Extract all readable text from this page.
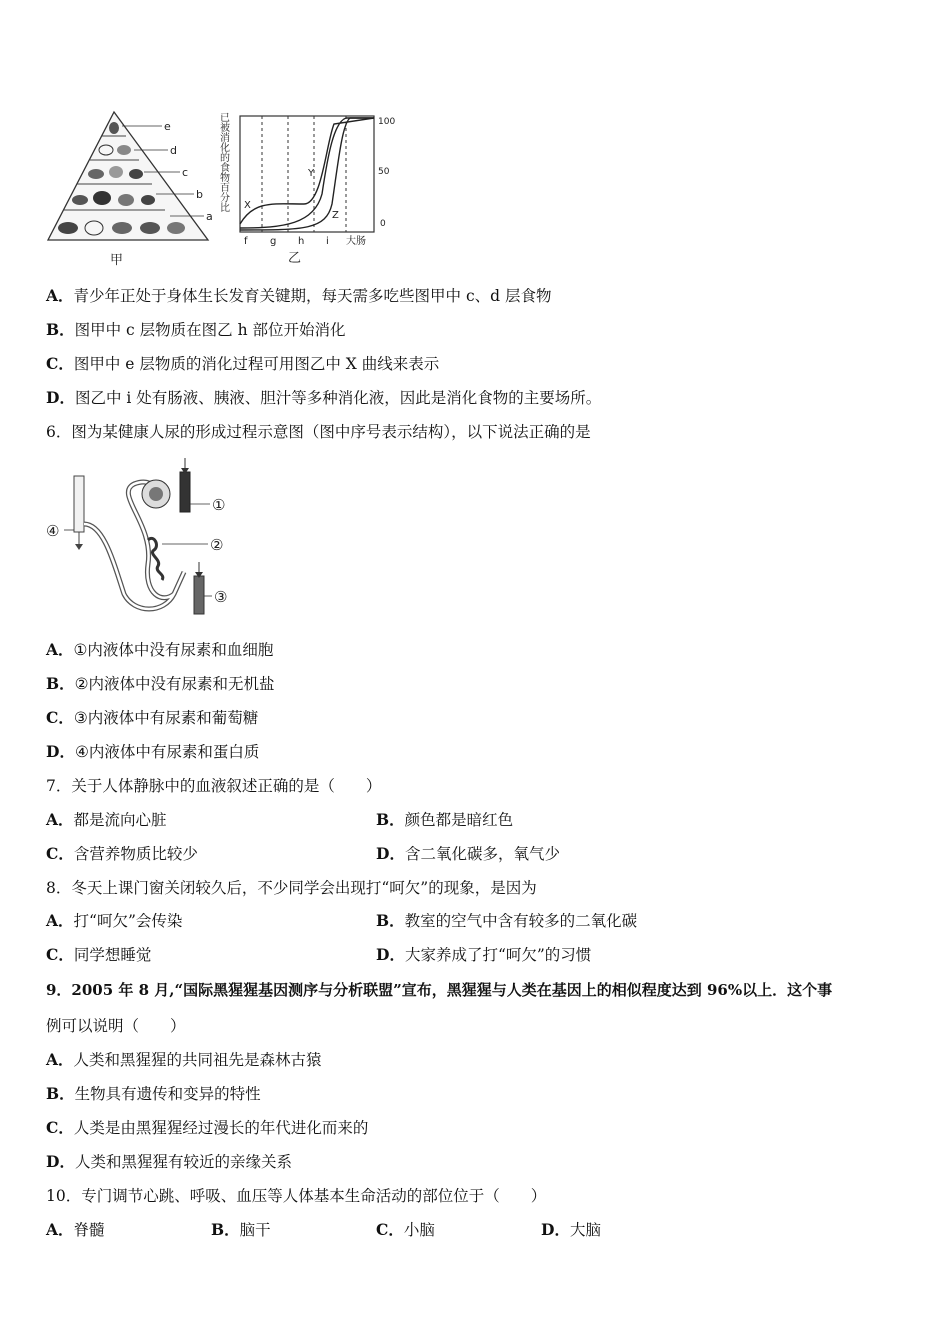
e
d
c
b
a
甲
已被消化的食物百分比 X
Y
Z
100
50
0
f g h i 大肠
乙
A．青少年正处于身体生长发育关键期，每天需多吃些图甲中 c、d 层食物
B．图甲中 c 层物质在图乙 h 部位开始消化
C．图甲中 e 层物质的消化过程可用图乙中 X 曲线来表示
D．图乙中 i 处有肠液、胰液、胆汁等多种消化液，因此是消化食物的主要场所。
6．图为某健康人尿的形成过程示意图（图中序号表示结构），以下说法正确的是
①
②
③
④
A．①内液体中没有尿素和血细胞
B．②内液体中没有尿素和无机盐
C．③内液体中有尿素和葡萄糖
D．④内液体中有尿素和蛋白质
7．关于人体静脉中的血液叙述正确的是（　　）
A．都是流向心脏	B．颜色都是暗红色
C．含营养物质比较少	D．含二氧化碳多，氧气少
8．冬天上课门窗关闭较久后，不少同学会出现打“呵欠”的现象，是因为
A．打“呵欠”会传染	B．教室的空气中含有较多的二氧化碳
C．同学想睡觉	D．大家养成了打“呵欠”的习惯
9．2005 年 8 月,“国际黑猩猩基因测序与分析联盟”宣布，黑猩猩与人类在基因上的相似程度达到 96%以上．这个事
例可以说明（　　）
A．人类和黑猩猩的共同祖先是森林古猿
B．生物具有遗传和变异的特性
C．人类是由黑猩猩经过漫长的年代进化而来的
D．人类和黑猩猩有较近的亲缘关系
10．专门调节心跳、呼吸、血压等人体基本生命活动的部位位于（　　）
A．脊髓	B．脑干	C．小脑	D．大脑
